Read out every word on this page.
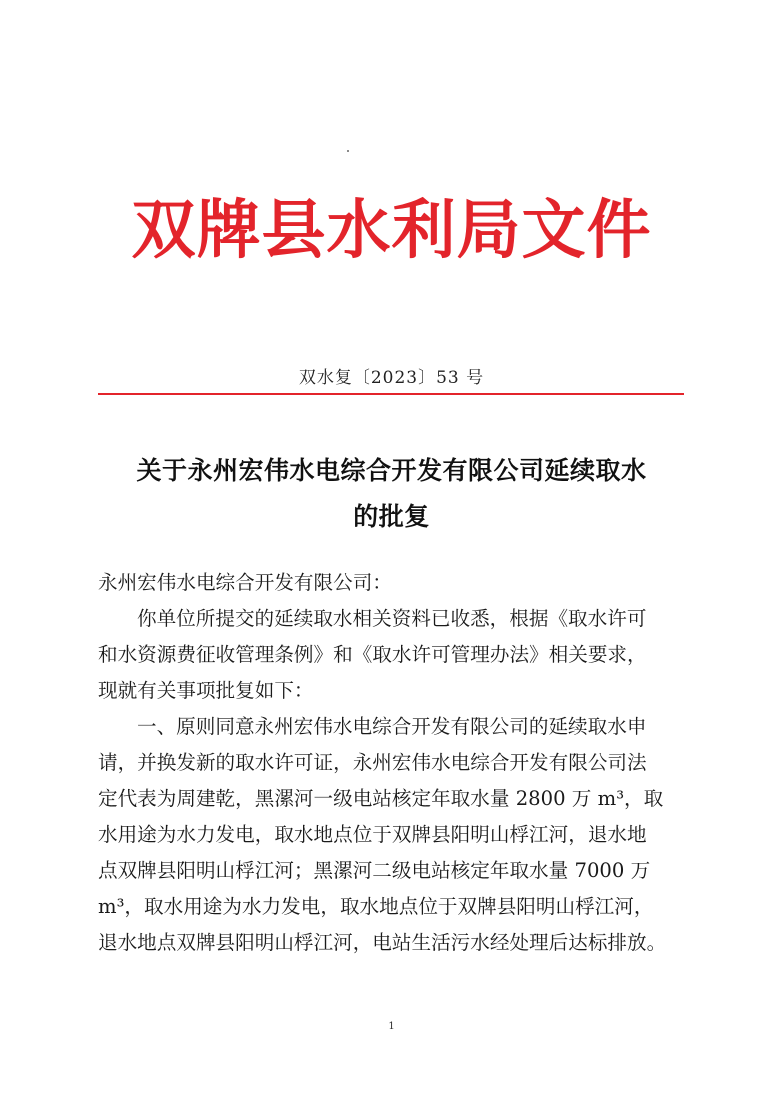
双牌县水利局文件
双水复〔2023〕53 号
关于永州宏伟水电综合开发有限公司延续取水
的批复
永州宏伟水电综合开发有限公司：
你单位所提交的延续取水相关资料已收悉，根据《取水许可
和水资源费征收管理条例》和《取水许可管理办法》相关要求，
现就有关事项批复如下：
一、原则同意永州宏伟水电综合开发有限公司的延续取水申
请，并换发新的取水许可证，永州宏伟水电综合开发有限公司法
定代表为周建乾，黑漯河一级电站核定年取水量 2800 万 m³，取
水用途为水力发电，取水地点位于双牌县阳明山桴江河，退水地
点双牌县阳明山桴江河；黑漯河二级电站核定年取水量 7000 万
m³，取水用途为水力发电，取水地点位于双牌县阳明山桴江河，
退水地点双牌县阳明山桴江河，电站生活污水经处理后达标排放。
1
